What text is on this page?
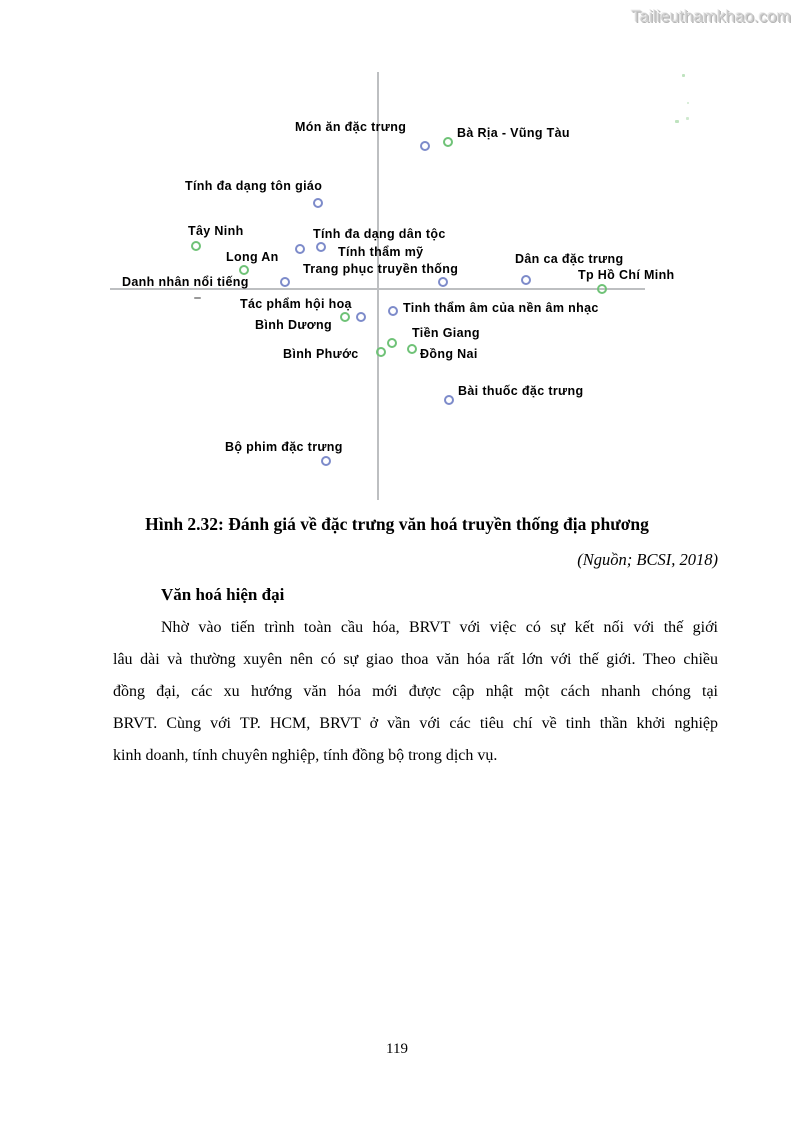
Tailieuthamkhao.com
Món ăn đặc trưng
Tính đa dạng tôn giáo
Tính đa dạng dân tộc
Tính thẩm mỹ
Trang phục truyền thống
Dân ca đặc trưng
Danh nhân nổi tiếng
Tác phẩm hội hoạ	Tinh thẩm âm của nền âm nhạc
Bài thuốc đặc trưng
Bộ phim đặc trưng
Bà Rịa - Vũng Tàu
Tây Ninh
Long An
Tp Hồ Chí Minh
Bình Dương
Tiền Giang
Bình Phước	Đồng Nai
Hình 2.32: Đánh giá về đặc trưng văn hoá truyền thống địa phương
(Nguồn; BCSI, 2018)
Văn hoá hiện đại
Nhờ vào tiến trình toàn cầu hóa, BRVT với việc có sự kết nối với thế giới
lâu dài và thường xuyên nên có sự giao thoa văn hóa rất lớn với thế giới. Theo chiều
đồng đại, các xu hướng văn hóa mới được cập nhật một cách nhanh chóng tại
BRVT. Cùng với TP. HCM, BRVT ở vần với các tiêu chí về tinh thần khởi nghiệp
kinh doanh, tính chuyên nghiệp, tính đồng bộ trong dịch vụ.
119
